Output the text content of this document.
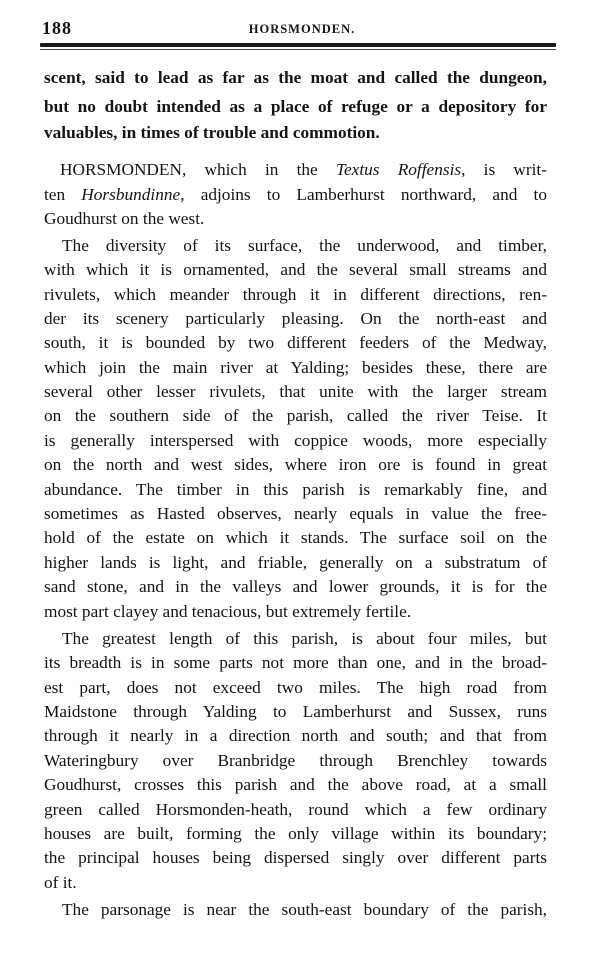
188	HORSMONDEN.
scent, said to lead as far as the moat and called the dungeon,
but no doubt intended as a place of refuge or a depository for
valuables, in times of trouble and commotion.
HORSMONDEN, which in the Textus Roffensis, is writ-
ten Horsbundinne, adjoins to Lamberhurst northward, and to
Goudhurst on the west.
The diversity of its surface, the underwood, and timber,
with which it is ornamented, and the several small streams and
rivulets, which meander through it in different directions, ren-
der its scenery particularly pleasing. On the north-east and
south, it is bounded by two different feeders of the Medway,
which join the main river at Yalding; besides these, there are
several other lesser rivulets, that unite with the larger stream
on the southern side of the parish, called the river Teise. It
is generally interspersed with coppice woods, more especially
on the north and west sides, where iron ore is found in great
abundance. The timber in this parish is remarkably fine, and
sometimes as Hasted observes, nearly equals in value the free-
hold of the estate on which it stands. The surface soil on the
higher lands is light, and friable, generally on a substratum of
sand stone, and in the valleys and lower grounds, it is for the
most part clayey and tenacious, but extremely fertile.
The greatest length of this parish, is about four miles, but
its breadth is in some parts not more than one, and in the broad-
est part, does not exceed two miles. The high road from
Maidstone through Yalding to Lamberhurst and Sussex, runs
through it nearly in a direction north and south; and that from
Wateringbury over Branbridge through Brenchley towards
Goudhurst, crosses this parish and the above road, at a small
green called Horsmonden-heath, round which a few ordinary
houses are built, forming the only village within its boundary;
the principal houses being dispersed singly over different parts
of it.
The parsonage is near the south-east boundary of the parish,
